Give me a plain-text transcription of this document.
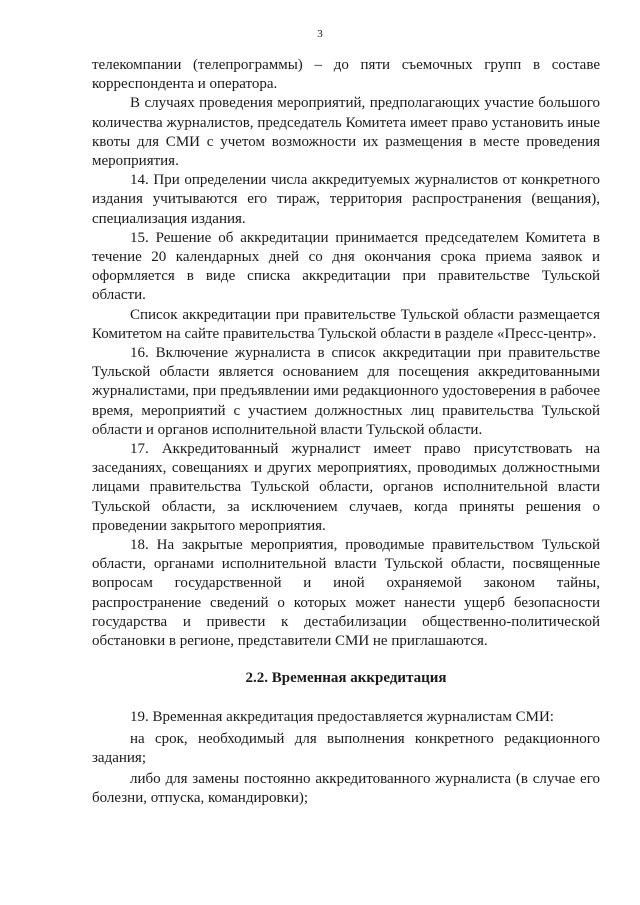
3

телекомпании (телепрограммы) – до пяти съемочных групп в составе корреспондента и оператора.

В случаях проведения мероприятий, предполагающих участие большого количества журналистов, председатель Комитета имеет право установить иные квоты для СМИ с учетом возможности их размещения в месте проведения мероприятия.

14. При определении числа аккредитуемых журналистов от конкретного издания учитываются его тираж, территория распространения (вещания), специализация издания.

15. Решение об аккредитации принимается председателем Комитета в течение 20 календарных дней со дня окончания срока приема заявок и оформляется в виде списка аккредитации при правительстве Тульской области.

Список аккредитации при правительстве Тульской области размещается Комитетом на сайте правительства Тульской области в разделе «Пресс-центр».

16. Включение журналиста в список аккредитации при правительстве Тульской области является основанием для посещения аккредитованными журналистами, при предъявлении ими редакционного удостоверения в рабочее время, мероприятий с участием должностных лиц правительства Тульской области и органов исполнительной власти Тульской области.

17. Аккредитованный журналист имеет право присутствовать на заседаниях, совещаниях и других мероприятиях, проводимых должностными лицами правительства Тульской области, органов исполнительной власти Тульской области, за исключением случаев, когда приняты решения о проведении закрытого мероприятия.

18. На закрытые мероприятия, проводимые правительством Тульской области, органами исполнительной власти Тульской области, посвященные вопросам государственной и иной охраняемой законом тайны, распространение сведений о которых может нанести ущерб безопасности государства и привести к дестабилизации общественно-политической обстановки в регионе, представители СМИ не приглашаются.

2.2. Временная аккредитация

19. Временная аккредитация предоставляется журналистам СМИ:

на срок, необходимый для выполнения конкретного редакционного задания;

либо для замены постоянно аккредитованного журналиста (в случае его болезни, отпуска, командировки);
